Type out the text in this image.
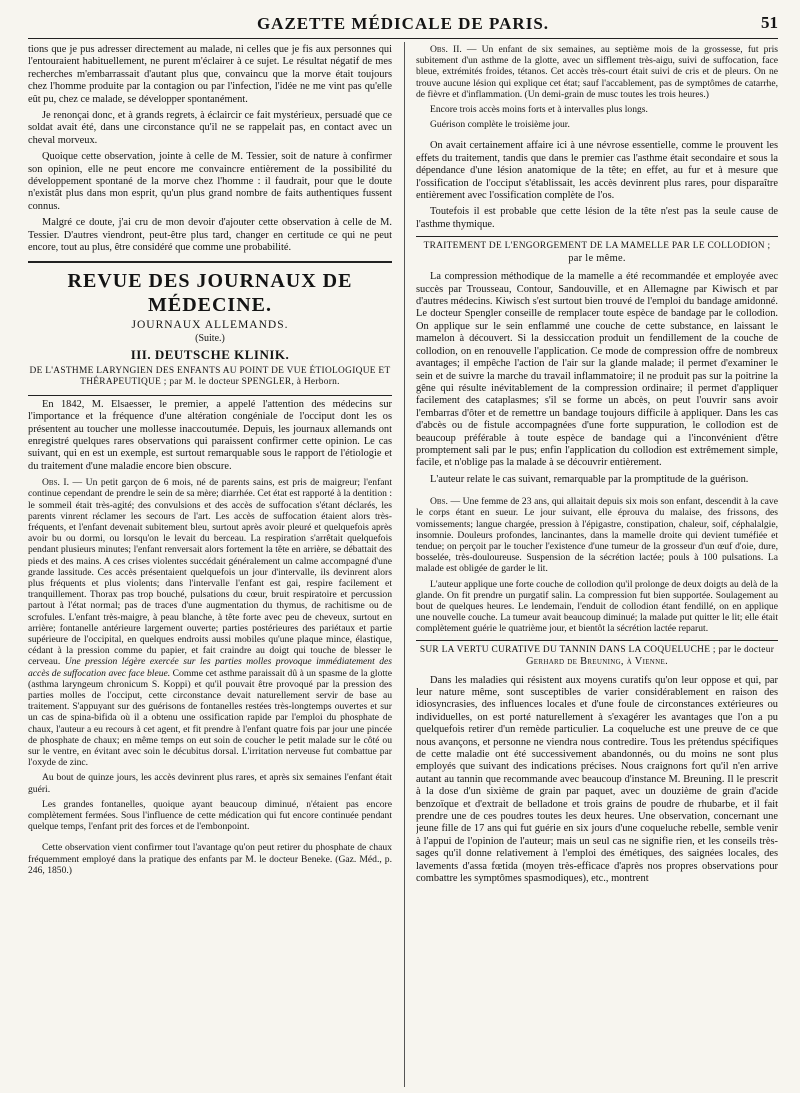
GAZETTE MÉDICALE DE PARIS.	51

tions que je pus adresser directement au malade, ni celles que je fis aux personnes qui l'entouraient habituellement, ne purent m'éclairer à ce sujet. Le résultat négatif de mes recherches m'embarrassait d'autant plus que, convaincu que la morve était toujours chez l'homme produite par la contagion ou par l'infection, l'idée ne me vint pas qu'elle eût pu, chez ce malade, se développer spontanément.

Je renonçai donc, et à grands regrets, à éclaircir ce fait mystérieux, persuadé que ce soldat avait été, dans une circonstance qu'il ne se rappelait pas, en contact avec un cheval morveux.

Quoique cette observation, jointe à celle de M. Tessier, soit de nature à confirmer son opinion, elle ne peut encore me convaincre entièrement de la possibilité du développement spontané de la morve chez l'homme : il faudrait, pour que le doute n'existât plus dans mon esprit, qu'un plus grand nombre de faits authentiques fussent connus.

Malgré ce doute, j'ai cru de mon devoir d'ajouter cette observation à celle de M. Tessier. D'autres viendront, peut-être plus tard, changer en certitude ce qui ne peut encore, tout au plus, être considéré que comme une probabilité.

REVUE DES JOURNAUX DE MÉDECINE.

JOURNAUX ALLEMANDS.

(Suite.)

III. DEUTSCHE KLINIK.

DE L'ASTHME LARYNGIEN DES ENFANTS AU POINT DE VUE ÉTIOLOGIQUE ET THÉRAPEUTIQUE ; par M. le docteur SPENGLER, à Herborn.

En 1842, M. Elsaesser, le premier, a appelé l'attention des médecins sur l'importance et la fréquence d'une altération congéniale de l'occiput dont les os présentent au toucher une mollesse inaccoutumée. Depuis, les journaux allemands ont enregistré quelques rares observations qui paraissent confirmer cette opinion. Le cas suivant, qui en est un exemple, est surtout remarquable sous le rapport de l'étiologie et du traitement d'une maladie encore bien obscure.

Obs. I. — Un petit garçon de 6 mois, né de parents sains, est pris de maigreur; l'enfant continue cependant de prendre le sein de sa mère; diarrhée. Cet état est rapporté à la dentition : le sommeil était très-agité; des convulsions et des accès de suffocation s'étant déclarés, les parents vinrent réclamer les secours de l'art. Les accès de suffocation étaient alors très-fréquents, et l'enfant devenait subitement bleu, surtout après avoir pleuré et quelquefois après avoir bu ou dormi, ou lorsqu'on le levait du berceau. La respiration s'arrêtait quelquefois pendant plusieurs minutes; l'enfant renversait alors fortement la tête en arrière, se débattait des pieds et des mains. A ces crises violentes succédait généralement un calme accompagné d'une grande lassitude. Ces accès présentaient quelquefois un jour d'intervalle, ils devinrent alors plus fréquents et plus violents; dans l'intervalle l'enfant est gai, respire facilement et tranquillement. Thorax pas trop bouché, pulsations du cœur, bruit respiratoire et percussion partout à l'état normal; pas de traces d'une augmentation du thymus, de rachitisme ou de scrofules. L'enfant très-maigre, à peau blanche, à tête forte avec peu de cheveux, surtout en arrière; fontanelle antérieure largement ouverte; parties postérieures des pariétaux et partie supérieure de l'occipital, en quelques endroits aussi mobiles qu'une plaque mince, élastique, cédant à la pression comme du papier, et fait craindre au doigt qui touche de blesser le cerveau. Une pression légère exercée sur les parties molles provoque immédiatement des accès de suffocation avec face bleue. Comme cet asthme paraissait dû à un spasme de la glotte (asthma laryngeum chronicum S. Koppi) et qu'il pouvait être provoqué par la pression des parties molles de l'occiput, cette circonstance devait naturellement servir de base au traitement. S'appuyant sur des guérisons de fontanelles restées très-longtemps ouvertes et sur un cas de spina-bifida où il a obtenu une ossification rapide par l'emploi du phosphate de chaux, l'auteur a eu recours à cet agent, et fit prendre à l'enfant quatre fois par jour une pincée de phosphate de chaux; en même temps on eut soin de coucher le petit malade sur le côté ou sur le ventre, en évitant avec soin le décubitus dorsal. L'irritation nerveuse fut combattue par l'oxyde de zinc.

Au bout de quinze jours, les accès devinrent plus rares, et après six semaines l'enfant était guéri.

Les grandes fontanelles, quoique ayant beaucoup diminué, n'étaient pas encore complètement fermées. Sous l'influence de cette médication qui fut encore continuée pendant quelque temps, l'enfant prit des forces et de l'embonpoint.

Cette observation vient confirmer tout l'avantage qu'on peut retirer du phosphate de chaux fréquemment employé dans la pratique des enfants par M. le docteur Beneke. (Gaz. Méd., p. 246, 1850.)

Obs. II. — Un enfant de six semaines, au septième mois de la grossesse, fut pris subitement d'un asthme de la glotte, avec un sifflement très-aigu, suivi de suffocation, face bleue, extrémités froides, tétanos. Cet accès très-court était suivi de cris et de pleurs. On ne trouve aucune lésion qui explique cet état; sauf l'accablement, pas de symptômes de catarrhe, de fièvre et d'inflammation. (Un demi-grain de musc toutes les trois heures.)

Encore trois accès moins forts et à intervalles plus longs.

Guérison complète le troisième jour.

On avait certainement affaire ici à une névrose essentielle, comme le prouvent les effets du traitement, tandis que dans le premier cas l'asthme était secondaire et sous la dépendance d'une lésion anatomique de la tête; en effet, au fur et à mesure que l'ossification de l'occiput s'établissait, les accès devinrent plus rares, pour disparaître entièrement avec l'ossification complète de l'os.

Toutefois il est probable que cette lésion de la tête n'est pas la seule cause de l'asthme thymique.

TRAITEMENT DE L'ENGORGEMENT DE LA MAMELLE PAR LE COLLODION ;
par le même.

La compression méthodique de la mamelle a été recommandée et employée avec succès par Trousseau, Contour, Sandouville, et en Allemagne par Kiwisch et par d'autres médecins. Kiwisch s'est surtout bien trouvé de l'emploi du bandage amidonné. Le docteur Spengler conseille de remplacer toute espèce de bandage par le collodion. On applique sur le sein enflammé une couche de cette substance, en laissant le mamelon à découvert. Si la dessiccation produit un fendillement de la couche de collodion, on en renouvelle l'application. Ce mode de compression offre de nombreux avantages; il empêche l'action de l'air sur la glande malade; il permet d'examiner le sein et de suivre la marche du travail inflammatoire; il ne produit pas sur la poitrine la gêne qui résulte inévitablement de la compression ordinaire; il permet d'appliquer facilement des cataplasmes; s'il se forme un abcès, on peut l'ouvrir sans avoir l'embarras d'ôter et de remettre un bandage toujours difficile à appliquer. Dans les cas d'abcès ou de fistule accompagnées d'une forte suppuration, le collodion est de beaucoup préférable à toute espèce de bandage qui a l'inconvénient d'être promptement sali par le pus; enfin l'application du collodion est extrêmement simple, facile, et n'oblige pas la malade à se découvrir entièrement.

L'auteur relate le cas suivant, remarquable par la promptitude de la guérison.

Obs. — Une femme de 23 ans, qui allaitait depuis six mois son enfant, descendit à la cave le corps étant en sueur. Le jour suivant, elle éprouva du malaise, des frissons, des vomissements; langue chargée, pression à l'épigastre, constipation, chaleur, soif, céphalalgie, insomnie. Douleurs profondes, lancinantes, dans la mamelle droite qui devient tuméfiée et tendue; on perçoit par le toucher l'existence d'une tumeur de la grosseur d'un œuf d'oie, dure, bosselée, très-douloureuse. Suspension de la sécrétion lactée; pouls à 100 pulsations. La malade est obligée de garder le lit.

L'auteur applique une forte couche de collodion qu'il prolonge de deux doigts au delà de la glande. On fit prendre un purgatif salin. La compression fut bien supportée. Soulagement au bout de quelques heures. Le lendemain, l'enduit de collodion étant fendillé, on en applique une nouvelle couche. La tumeur avait beaucoup diminué; la malade put quitter le lit; elle était complètement guérie le quatrième jour, et bientôt la sécrétion lactée reparut.

SUR LA VERTU CURATIVE DU TANNIN DANS LA COQUELUCHE ; par le docteur
Gerhard de Breuning, à Vienne.

Dans les maladies qui résistent aux moyens curatifs qu'on leur oppose et qui, par leur nature même, sont susceptibles de varier considérablement en raison des idiosyncrasies, des influences locales et d'une foule de circonstances extérieures ou individuelles, on est porté naturellement à s'exagérer les avantages que l'on a pu quelquefois retirer d'un remède particulier. La coqueluche est une preuve de ce que nous avançons, et personne ne viendra nous contredire. Tous les prétendus spécifiques de cette maladie ont été successivement abandonnés, ou du moins ne sont plus employés que suivant des indications précises. Nous craignons fort qu'il n'en arrive autant au tannin que recommande avec beaucoup d'instance M. Breuning. Il le prescrit à la dose d'un sixième de grain par paquet, avec un douzième de grain d'acide benzoïque et d'extrait de belladone et trois grains de poudre de rhubarbe, et il fait prendre une de ces poudres toutes les deux heures. Une observation, concernant une jeune fille de 17 ans qui fut guérie en six jours d'une coqueluche rebelle, semble venir à l'appui de l'opinion de l'auteur; mais un seul cas ne signifie rien, et les conseils très-sages qu'il donne relativement à l'emploi des émétiques, des saignées locales, des lavements d'assa fœtida (moyen très-efficace d'après nos propres observations pour combattre les symptômes spasmodiques), etc., montrent
